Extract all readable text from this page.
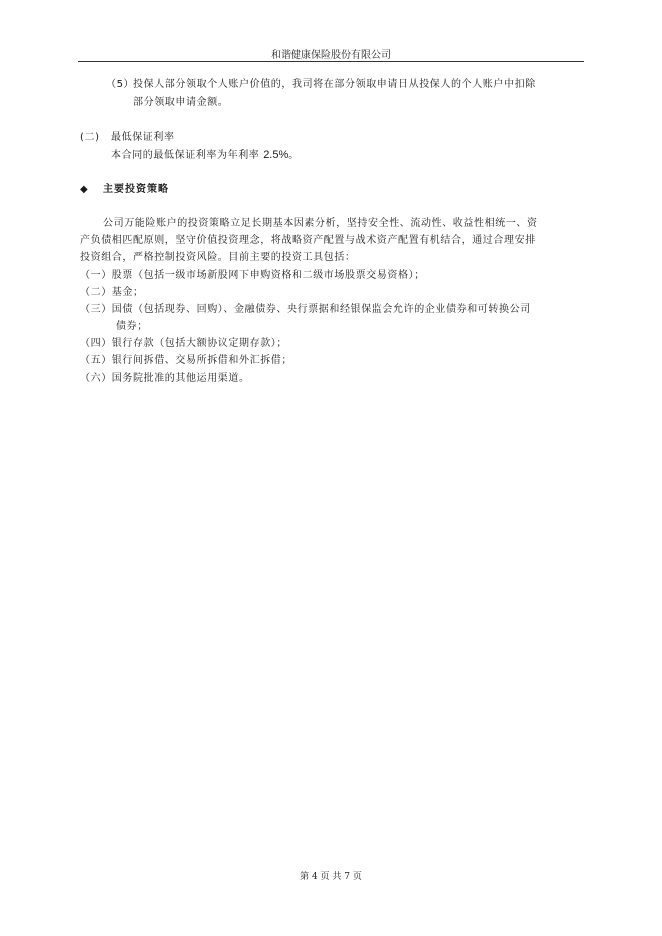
和谐健康保险股份有限公司
（5）
投保人部分领取个人账户价值的，我司将在部分领取申请日从投保人的个人账户中扣除
部分领取申请金额。
(二) 最低保证利率
本合同的最低保证利率为年利率 2.5%。
◆ 主要投资策略
公司万能险账户的投资策略立足长期基本因素分析，坚持安全性、流动性、收益性相统一、资
产负债相匹配原则，坚守价值投资理念，将战略资产配置与战术资产配置有机结合，通过合理安排
投资组合，严格控制投资风险。目前主要的投资工具包括：
（一）股票（包括一级市场新股网下申购资格和二级市场股票交易资格）；
（二）基金；
（三）国债（包括现券、回购）、金融债券、央行票据和经银保监会允许的企业债券和可转换公司
债券；
（四）银行存款（包括大额协议定期存款）；
（五）银行间拆借、交易所拆借和外汇拆借；
（六）国务院批准的其他运用渠道。
第 4 页 共 7 页
